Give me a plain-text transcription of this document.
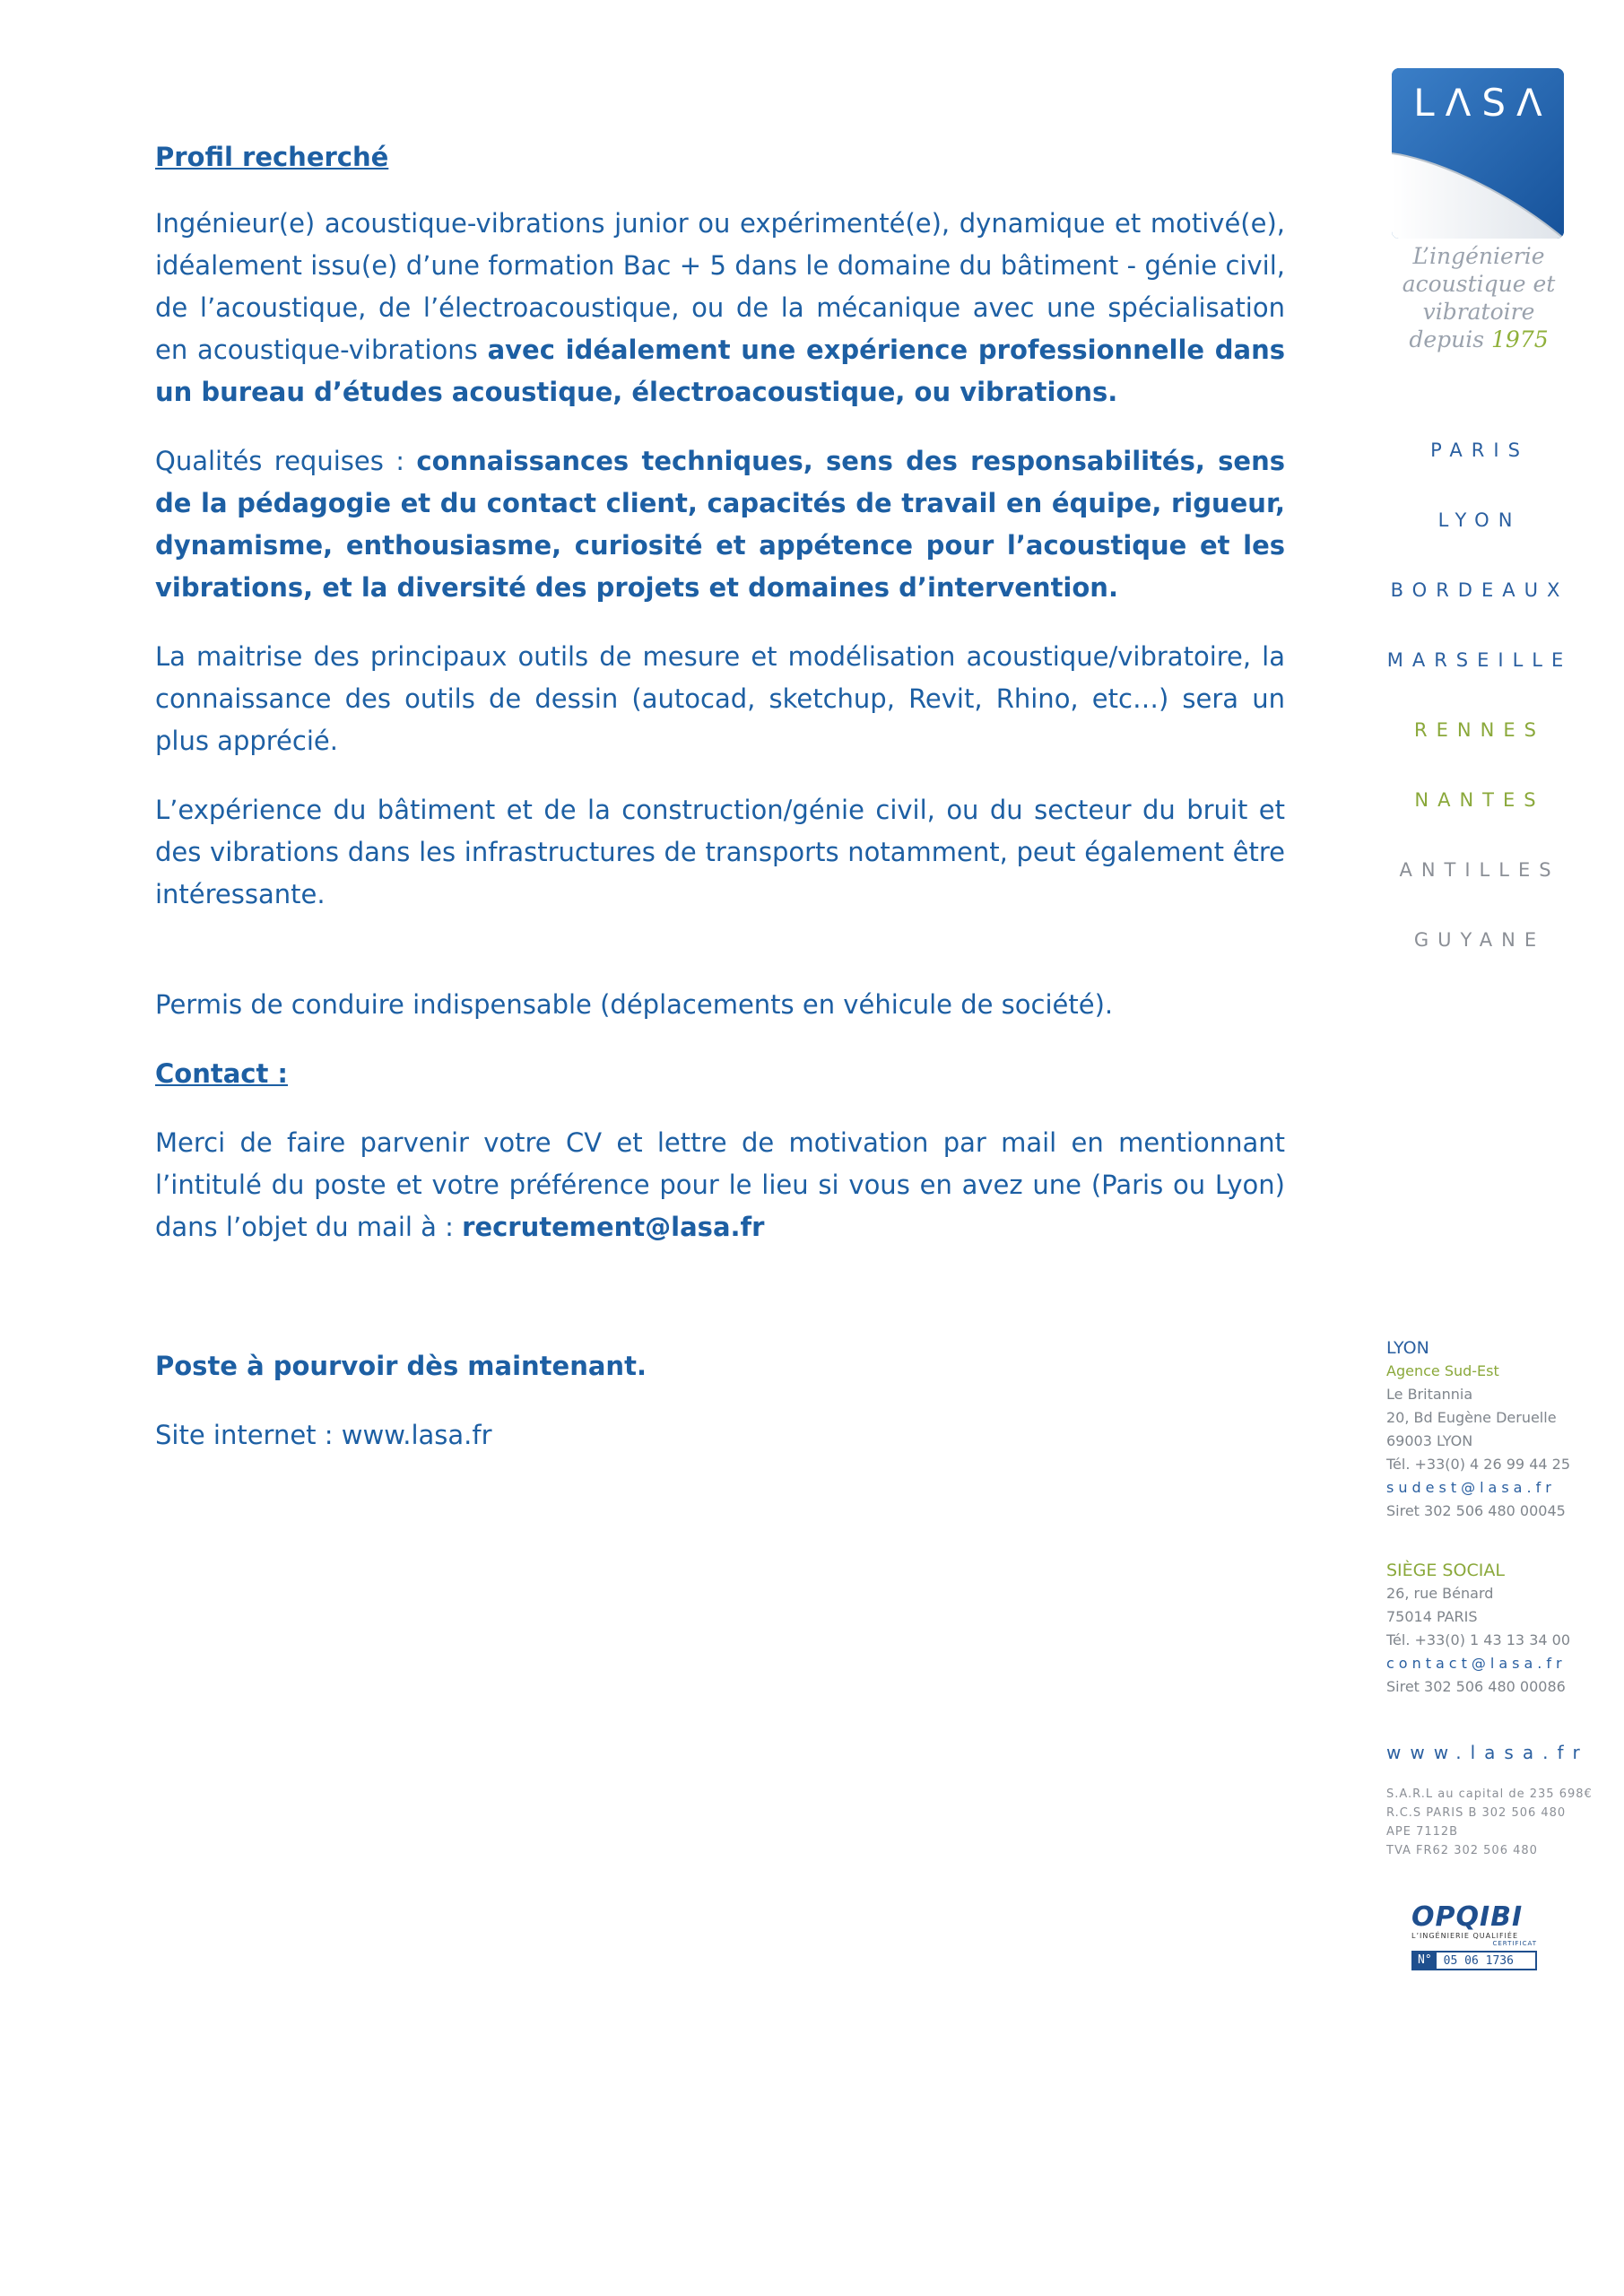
Profil recherché

Ingénieur(e) acoustique-vibrations junior ou expérimenté(e), dynamique et motivé(e), idéalement issu(e) d’une formation Bac + 5 dans le domaine du bâtiment - génie civil, de l’acoustique, de l’électroacoustique, ou de la mécanique avec une spécialisation en acoustique-vibrations avec idéalement une expérience professionnelle dans un bureau d’études acoustique, électroacoustique, ou vibrations.

Qualités requises : connaissances techniques, sens des responsabilités, sens de la pédagogie et du contact client, capacités de travail en équipe, rigueur, dynamisme, enthousiasme, curiosité et appétence pour l’acoustique et les vibrations, et la diversité des projets et domaines d’intervention.

La maitrise des principaux outils de mesure et modélisation acoustique/vibratoire, la connaissance des outils de dessin (autocad, sketchup, Revit, Rhino, etc…) sera un plus apprécié.

L’expérience du bâtiment et de la construction/génie civil, ou du secteur du bruit et des vibrations dans les infrastructures de transports notamment, peut également être intéressante.

Permis de conduire indispensable (déplacements en véhicule de société).

Contact :

Merci de faire parvenir votre CV et lettre de motivation par mail en mentionnant l’intitulé du poste et votre préférence pour le lieu si vous en avez une (Paris ou Lyon) dans l’objet du mail à : recrutement@lasa.fr

Poste à pourvoir dès maintenant.

Site internet : www.lasa.fr

LΛSΛ
L’ingénierie
acoustique et vibratoire
depuis 1975
PARIS
LYON
BORDEAUX
MARSEILLE
RENNES
NANTES
ANTILLES
GUYANE
LYON
Agence Sud-Est
Le Britannia
20, Bd Eugène Deruelle
69003 LYON
Tél. +33(0) 4 26 99 44 25
sudest@lasa.fr
Siret 302 506 480 00045
SIÈGE SOCIAL
26, rue Bénard
75014 PARIS
Tél. +33(0) 1 43 13 34 00
contact@lasa.fr
Siret 302 506 480 00086
www.lasa.fr
S.A.R.L au capital de 235 698€
R.C.S PARIS B 302 506 480
APE 7112B
TVA FR62 302 506 480
OPQIBI
L’INGÉNIERIE QUALIFIÉE
CERTIFICAT
N°	05 06 1736
